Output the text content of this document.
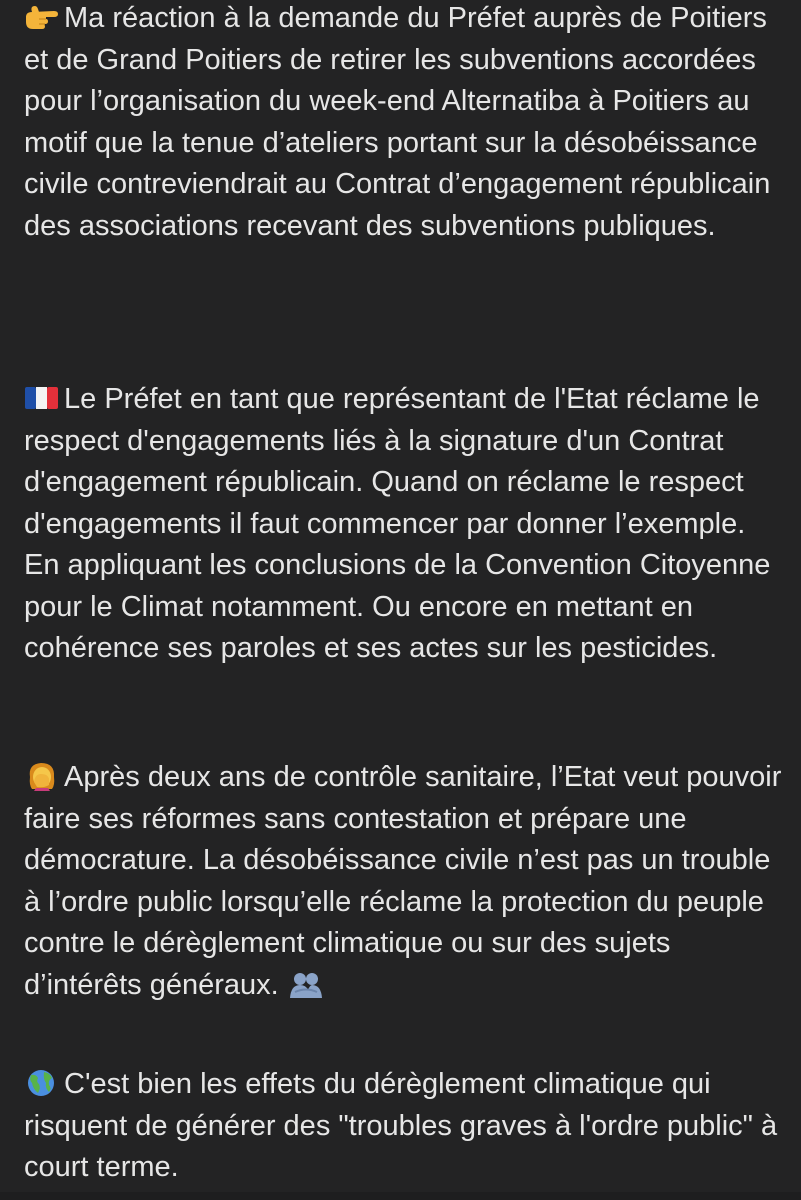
Ma réaction à la demande du Préfet auprès de Poitiers et de Grand Poitiers de retirer les subventions accordées pour l’organisation du week-end Alternatiba à Poitiers au motif que la tenue d’ateliers portant sur la désobéissance civile contreviendrait au Contrat d’engagement républicain des associations recevant des subventions publiques.
Le Préfet en tant que représentant de l'Etat réclame le respect d'engagements liés à la signature d'un Contrat d'engagement républicain. Quand on réclame le respect d'engagements il faut commencer par donner l’exemple. En appliquant les conclusions de la Convention Citoyenne pour le Climat notamment. Ou encore en mettant en cohérence ses paroles et ses actes sur les pesticides.
Après deux ans de contrôle sanitaire, l’Etat veut pouvoir faire ses réformes sans contestation et prépare une démocrature. La désobéissance civile n’est pas un trouble à l’ordre public lorsqu’elle réclame la protection du peuple contre le dérèglement climatique ou sur des sujets d’intérêts généraux.
C'est bien les effets du dérèglement climatique qui risquent de générer des "troubles graves à l'ordre public" à court terme.
